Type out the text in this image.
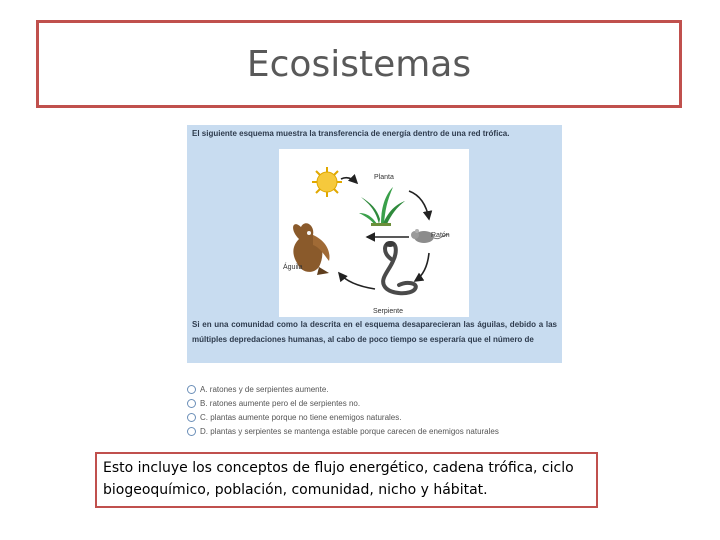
Ecosistemas
El siguiente esquema muestra la transferencia de energía dentro de una red trófica.
Planta
Ratón
Águila
Serpiente
Si en una comunidad como la descrita en el esquema desaparecieran las águilas, debido a las múltiples depredaciones humanas, al cabo de poco tiempo se esperaría que el número de
A. ratones y de serpientes aumente.
B. ratones aumente pero el de serpientes no.
C. plantas aumente porque no tiene enemigos naturales.
D. plantas y serpientes se mantenga estable porque carecen de enemigos naturales
Esto incluye los conceptos de flujo energético, cadena trófica, ciclo biogeoquímico, población, comunidad, nicho y hábitat.
